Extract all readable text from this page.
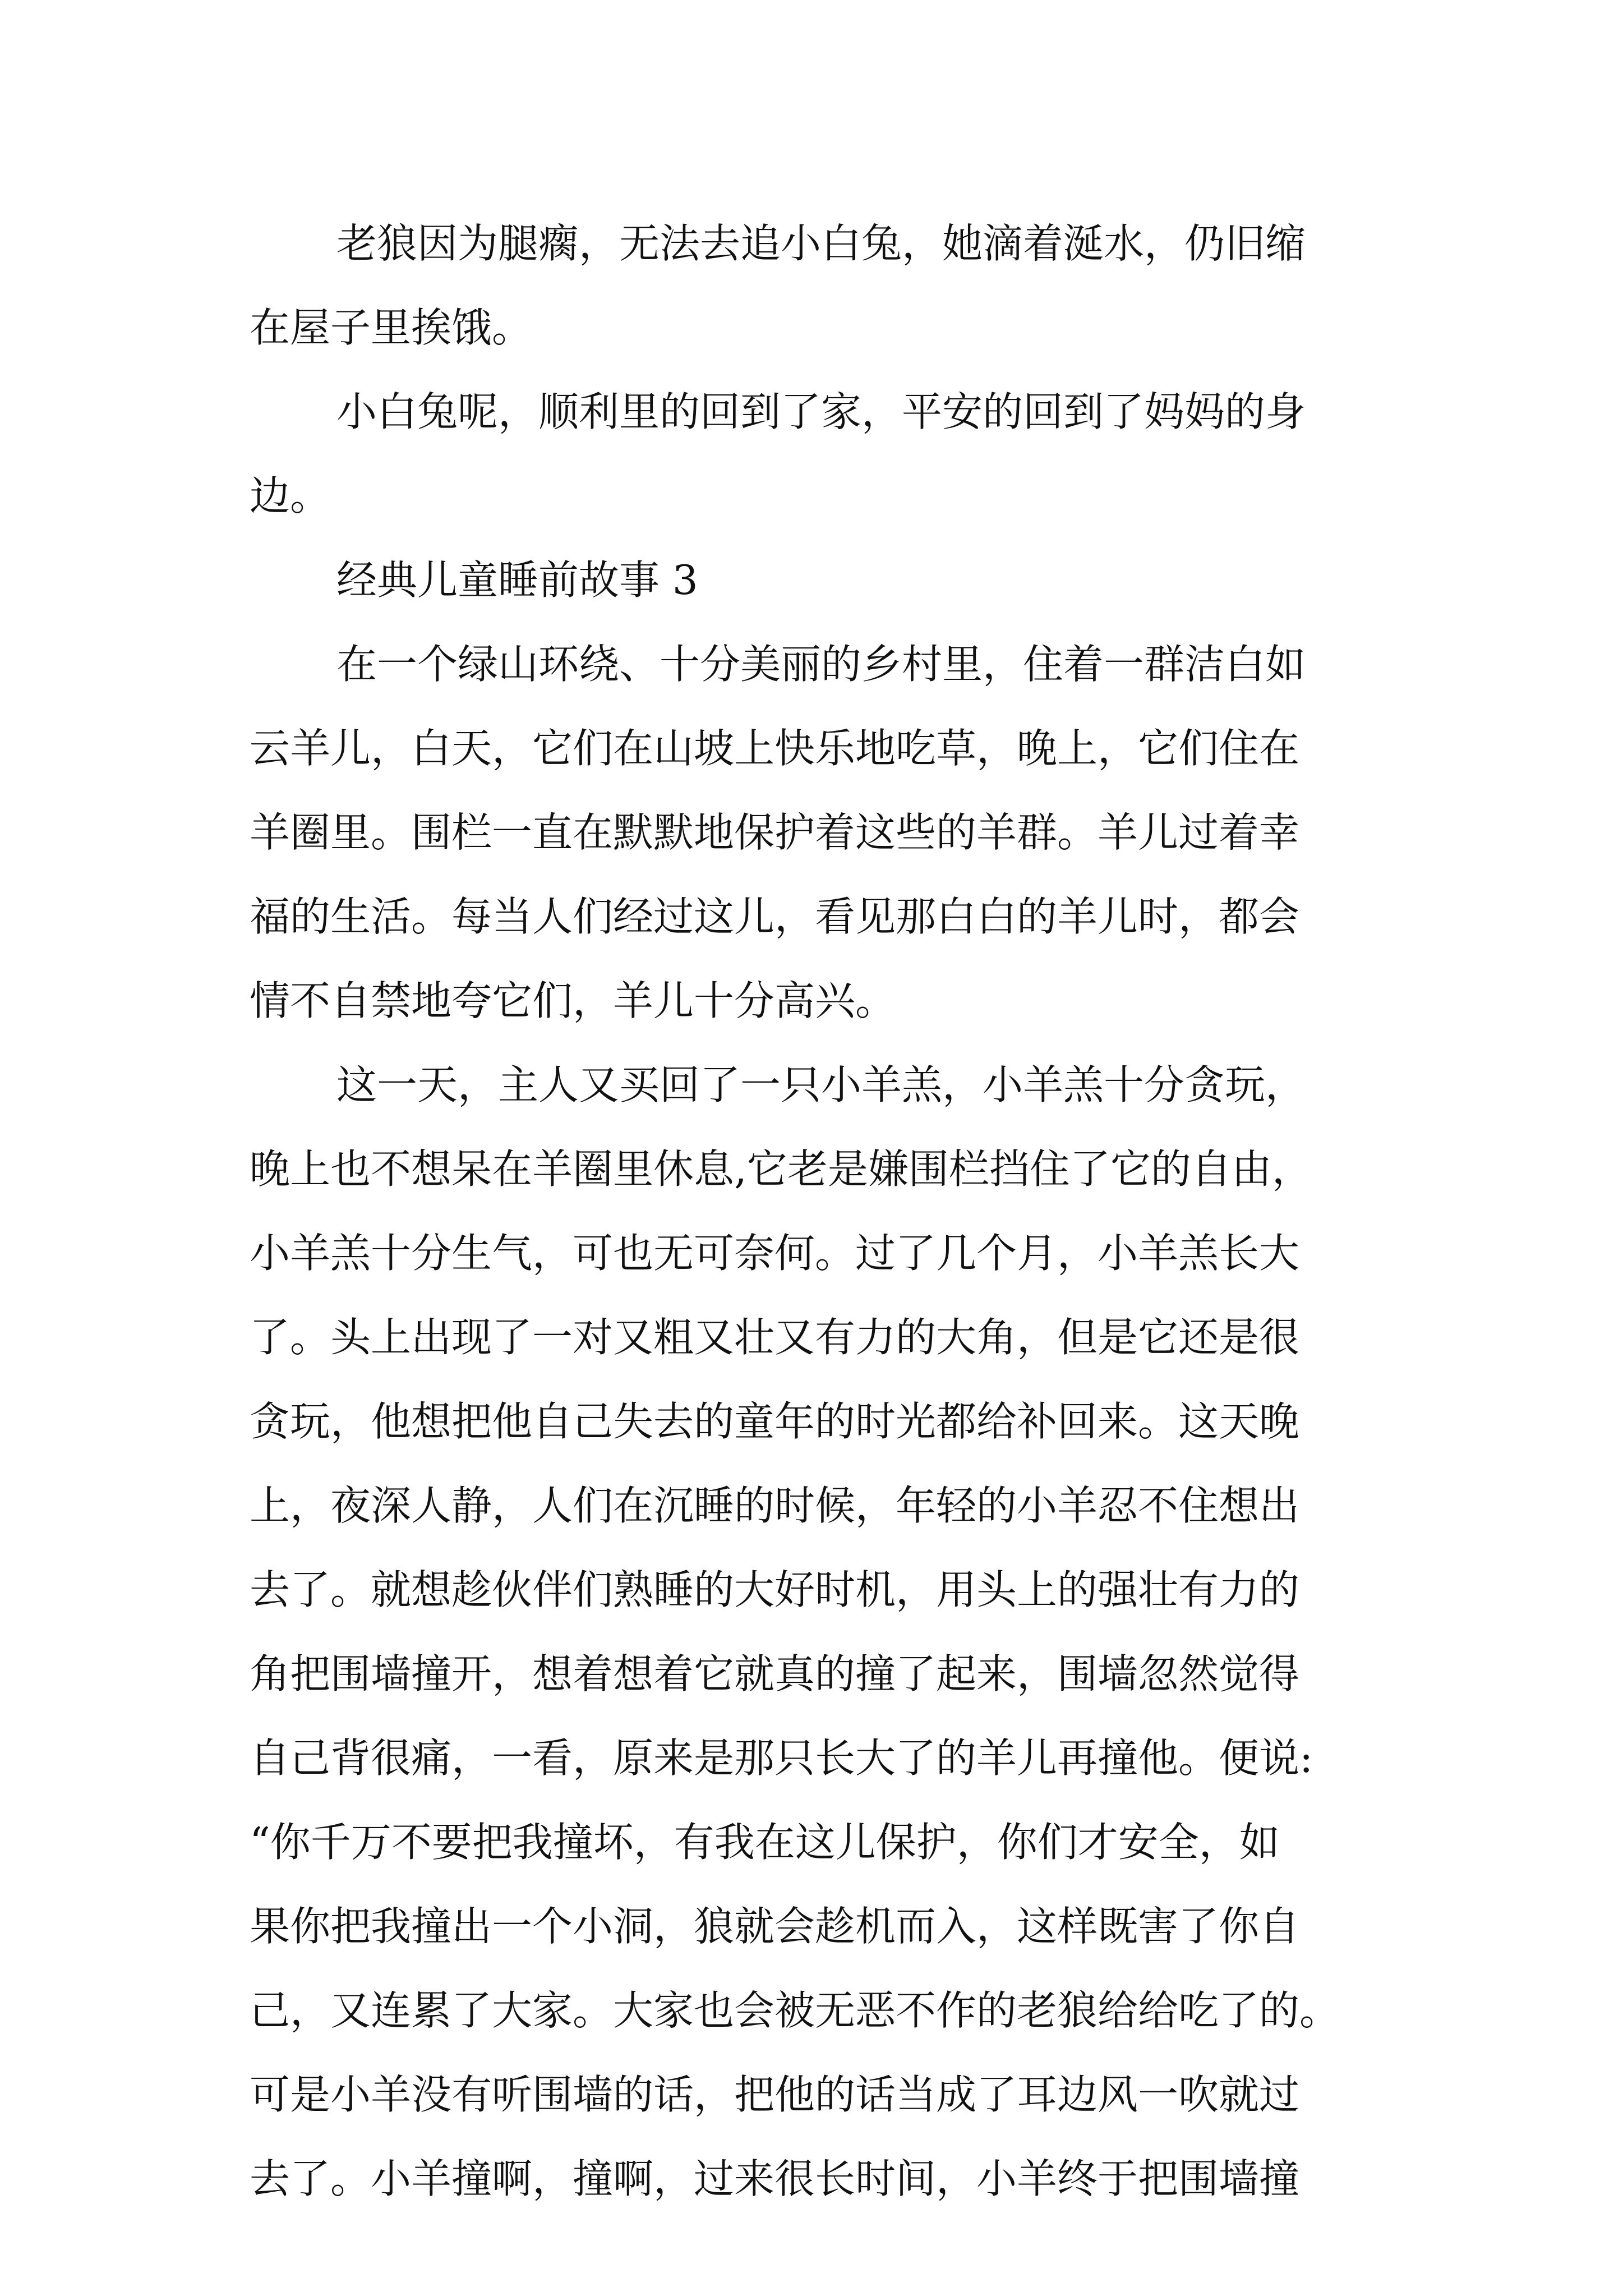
老狼因为腿瘸，无法去追小白兔，她滴着涎水，仍旧缩
在屋子里挨饿。
小白兔呢，顺利里的回到了家，平安的回到了妈妈的身
边。
经典儿童睡前故事 3
在一个绿山环绕、十分美丽的乡村里，住着一群洁白如
云羊儿，白天，它们在山坡上快乐地吃草，晚上，它们住在
羊圈里。围栏一直在默默地保护着这些的羊群。羊儿过着幸
福的生活。每当人们经过这儿，看见那白白的羊儿时，都会
情不自禁地夸它们，羊儿十分高兴。
这一天，主人又买回了一只小羊羔，小羊羔十分贪玩，
晚上也不想呆在羊圈里休息,它老是嫌围栏挡住了它的自由，
小羊羔十分生气，可也无可奈何。过了几个月，小羊羔长大
了。头上出现了一对又粗又壮又有力的大角，但是它还是很
贪玩，他想把他自己失去的童年的时光都给补回来。这天晚
上，夜深人静，人们在沉睡的时候，年轻的小羊忍不住想出
去了。就想趁伙伴们熟睡的大好时机，用头上的强壮有力的
角把围墙撞开，想着想着它就真的撞了起来，围墙忽然觉得
自己背很痛，一看，原来是那只长大了的羊儿再撞他。便说:
“你千万不要把我撞坏，有我在这儿保护，你们才安全，如
果你把我撞出一个小洞，狼就会趁机而入，这样既害了你自
己，又连累了大家。大家也会被无恶不作的老狼给给吃了的。
可是小羊没有听围墙的话，把他的话当成了耳边风一吹就过
去了。小羊撞啊，撞啊，过来很长时间，小羊终于把围墙撞
